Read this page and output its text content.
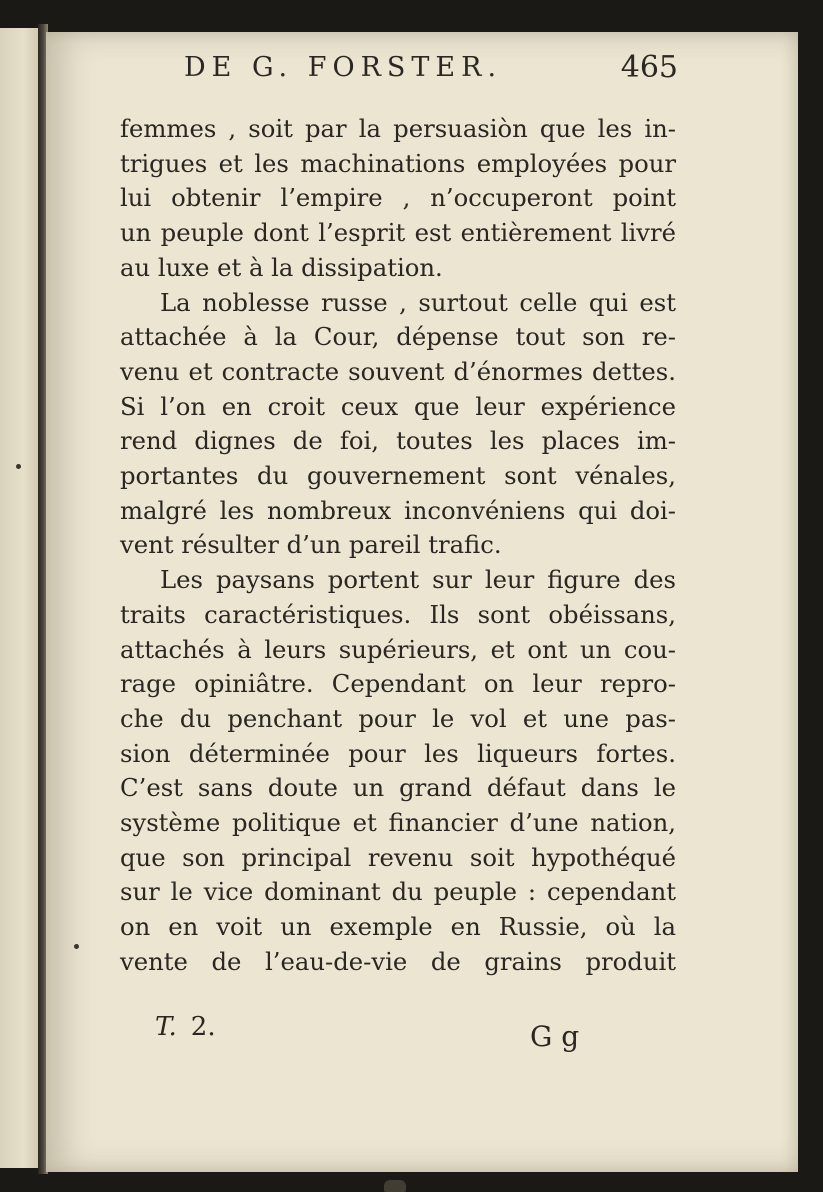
DE G. FORSTER.	465

femmes , soit par la persuasiòn que les in-
trigues et les machinations employées pour
lui obtenir l’empire , n’occuperont point
un peuple dont l’esprit est entièrement livré
au luxe et à la dissipation.

La noblesse russe , surtout celle qui est
attachée à la Cour, dépense tout son re-
venu et contracte souvent d’énormes dettes.
Si l’on en croit ceux que leur expérience
rend dignes de foi, toutes les places im-
portantes du gouvernement sont vénales,
malgré les nombreux inconvéniens qui doi-
vent résulter d’un pareil trafic.

Les paysans portent sur leur figure des
traits caractéristiques. Ils sont obéissans,
attachés à leurs supérieurs, et ont un cou-
rage opiniâtre. Cependant on leur repro-
che du penchant pour le vol et une pas-
sion déterminée pour les liqueurs fortes.
C’est sans doute un grand défaut dans le
système politique et financier d’une nation,
que son principal revenu soit hypothéqué
sur le vice dominant du peuple : cependant
on en voit un exemple en Russie, où la
vente de l’eau-de-vie de grains produit

T. 2.	G g
